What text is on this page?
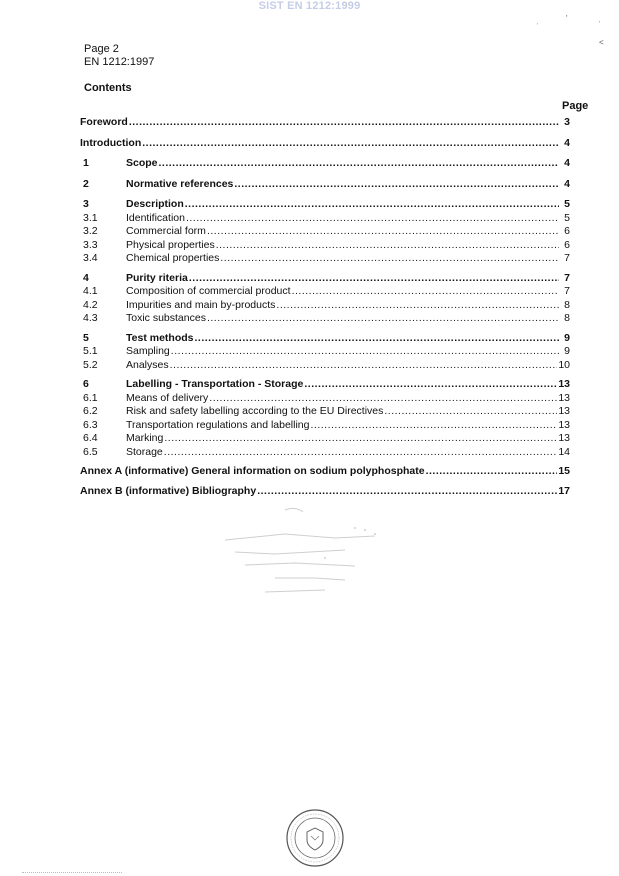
SIST EN 1212:1999
Page 2
EN 1212:1997
Contents
Page
Foreword .....	3
Introduction .....	4
1	Scope .....	4
2	Normative references .....	4
3	Description .....	5
3.1	Identification .....	5
3.2	Commercial form .....	6
3.3	Physical properties .....	6
3.4	Chemical properties .....	7
4	Purity riteria .....	7
4.1	Composition of commercial product .....	7
4.2	Impurities and main by-products .....	8
4.3	Toxic substances .....	8
5	Test methods .....	9
5.1	Sampling .....	9
5.2	Analyses .....	10
6	Labelling - Transportation - Storage .....	13
6.1	Means of delivery .....	13
6.2	Risk and safety labelling according to the EU Directives .....	13
6.3	Transportation regulations and labelling .....	13
6.4	Marking .....	13
6.5	Storage .....	14
Annex A (informative) General information on sodium polyphosphate .....	15
Annex B (informative) Bibliography .....	17
˒	'	ˌ
˂
